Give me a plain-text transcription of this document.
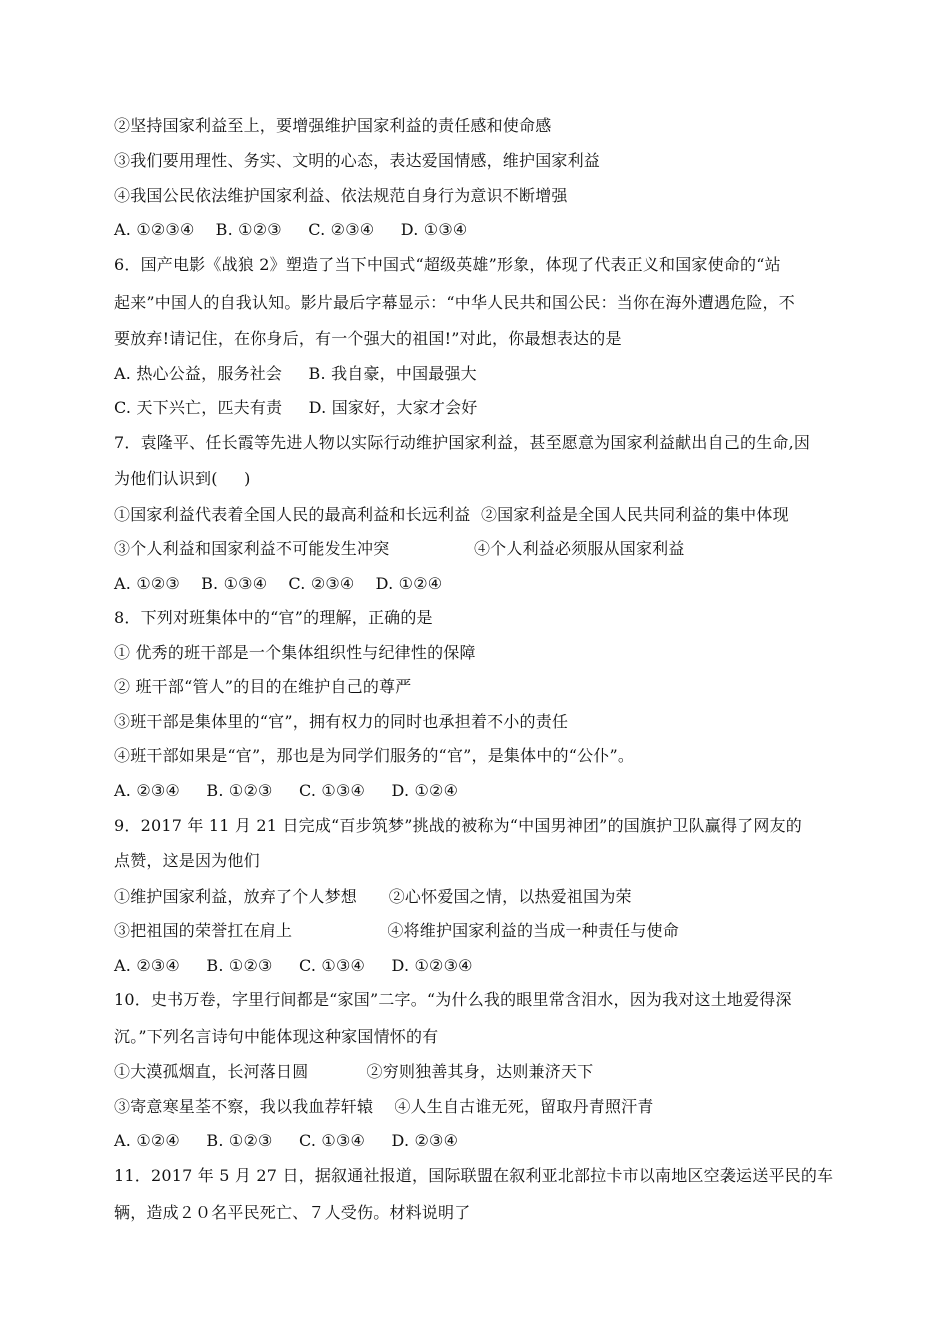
②坚持国家利益至上，要增强维护国家利益的责任感和使命感
③我们要用理性、务实、文明的心态，表达爱国情感，维护国家利益
④我国公民依法维护国家利益、依法规范自身行为意识不断增强
A. ①②③④    B. ①②③     C. ②③④     D. ①③④
6．国产电影《战狼 2》塑造了当下中国式“超级英雄”形象，体现了代表正义和国家使命的“站
起来”中国人的自我认知。影片最后字幕显示：“中华人民共和国公民：当你在海外遭遇危险，不
要放弃!请记住，在你身后，有一个强大的祖国!”对此，你最想表达的是
A. 热心公益，服务社会     B. 我自豪，中国最强大
C. 天下兴亡，匹夫有责     D. 国家好，大家才会好
7．袁隆平、任长霞等先进人物以实际行动维护国家利益，甚至愿意为国家利益献出自己的生命,因
为他们认识到(     )
①国家利益代表着全国人民的最高利益和长远利益  ②国家利益是全国人民共同利益的集中体现
③个人利益和国家利益不可能发生冲突                ④个人利益必须服从国家利益
A. ①②③    B. ①③④    C. ②③④    D. ①②④
8．下列对班集体中的“官”的理解，正确的是
① 优秀的班干部是一个集体组织性与纪律性的保障
② 班干部“管人”的目的在维护自己的尊严
③班干部是集体里的“官”，拥有权力的同时也承担着不小的责任
④班干部如果是“官”，那也是为同学们服务的“官”，是集体中的“公仆”。
A. ②③④     B. ①②③     C. ①③④     D. ①②④
9．2017 年 11 月 21 日完成“百步筑梦”挑战的被称为“中国男神团”的国旗护卫队赢得了网友的
点赞，这是因为他们
①维护国家利益，放弃了个人梦想      ②心怀爱国之情，以热爱祖国为荣
③把祖国的荣誉扛在肩上                  ④将维护国家利益的当成一种责任与使命
A. ②③④     B. ①②③     C. ①③④     D. ①②③④
10．史书万卷，字里行间都是“家国”二字。“为什么我的眼里常含泪水，因为我对这土地爱得深
沉。”下列名言诗句中能体现这种家国情怀的有
①大漠孤烟直，长河落日圆           ②穷则独善其身，达则兼济天下
③寄意寒星荃不察，我以我血荐轩辕    ④人生自古谁无死，留取丹青照汗青
A. ①②④     B. ①②③     C. ①③④     D. ②③④
11．2017 年 5 月 27 日，据叙通社报道，国际联盟在叙利亚北部拉卡市以南地区空袭运送平民的车
辆，造成２０名平民死亡、７人受伤。材料说明了
